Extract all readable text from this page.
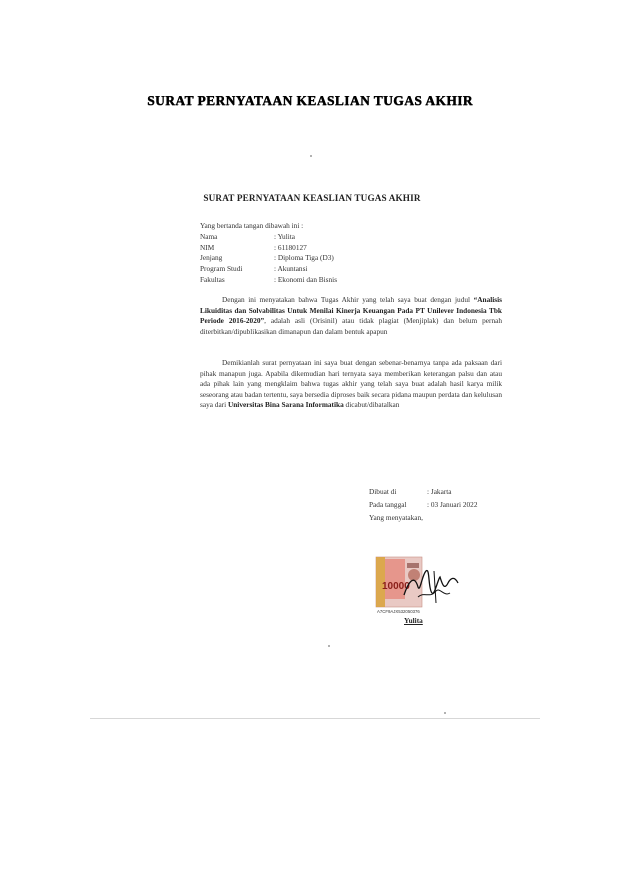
SURAT PERNYATAAN KEASLIAN TUGAS AKHIR
SURAT PERNYATAAN KEASLIAN TUGAS AKHIR
Yang bertanda tangan dibawah ini :
Nama	: Yulita
NIM	: 61180127
Jenjang	: Diploma Tiga (D3)
Program Studi	: Akuntansi
Fakultas	: Ekonomi dan Bisnis
Dengan ini menyatakan bahwa Tugas Akhir yang telah saya buat dengan judul “Analisis Likuiditas dan Solvabilitas Untuk Menilai Kinerja Keuangan Pada PT Unilever Indonesia Tbk Periode 2016-2020”, adalah asli (Orisinil) atau tidak plagiat (Menjiplak) dan belum pernah diterbitkan/dipublikasikan dimanapun dan dalam bentuk apapun
Demikianlah surat pernyataan ini saya buat dengan sebenar-benarnya tanpa ada paksaan dari pihak manapun juga. Apabila dikemudian hari ternyata saya memberikan keterangan palsu dan atau ada pihak lain yang mengklaim bahwa tugas akhir yang telah saya buat adalah hasil karya milik seseorang atau badan tertentu, saya bersedia diproses baik secara pidana maupun perdata dan kelulusan saya dari Universitas Bina Sarana Informatika dicabut/dibatalkan
Dibuat di	: Jakarta
Pada tanggal	: 03 Januari 2022
Yang menyatakan,
10000
A7CF9AJX532050376
Yulita
